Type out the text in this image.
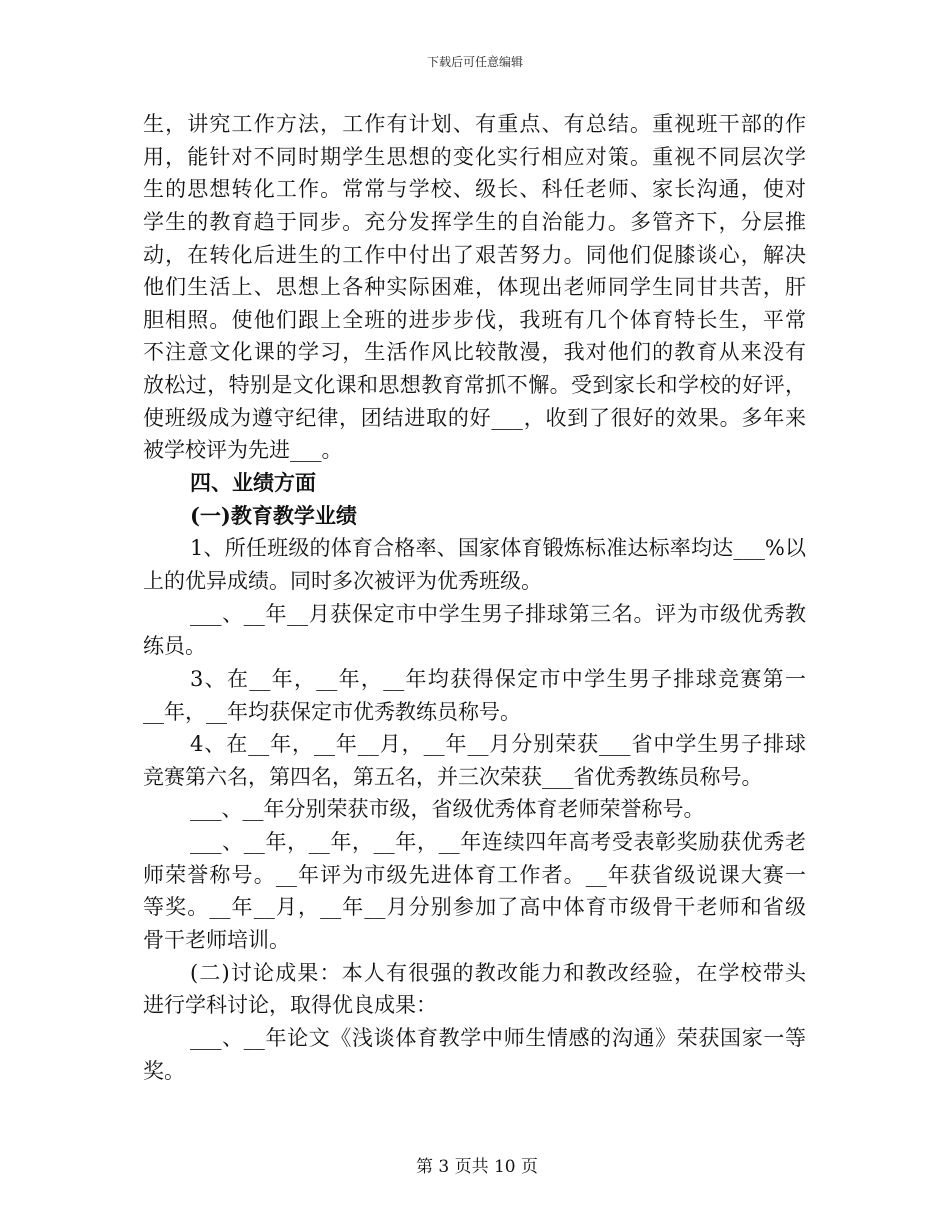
下载后可任意编辑
生，讲究工作方法，工作有计划、有重点、有总结。重视班干部的作
用，能针对不同时期学生思想的变化实行相应对策。重视不同层次学
生的思想转化工作。常常与学校、级长、科任老师、家长沟通，使对
学生的教育趋于同步。充分发挥学生的自治能力。多管齐下，分层推
动，在转化后进生的工作中付出了艰苦努力。同他们促膝谈心，解决
他们生活上、思想上各种实际困难，体现出老师同学生同甘共苦，肝
胆相照。使他们跟上全班的进步步伐，我班有几个体育特长生，平常
不注意文化课的学习，生活作风比较散漫，我对他们的教育从来没有
放松过，特别是文化课和思想教育常抓不懈。受到家长和学校的好评，
使班级成为遵守纪律，团结进取的好___，收到了很好的效果。多年来
被学校评为先进___。
四、业绩方面
(一)教育教学业绩
1、所任班级的体育合格率、国家体育锻炼标准达标率均达___%以
上的优异成绩。同时多次被评为优秀班级。
___、__年__月获保定市中学生男子排球第三名。评为市级优秀教
练员。
3、在__年，__年，__年均获得保定市中学生男子排球竞赛第一
__年，__年均获保定市优秀教练员称号。
4、在__年，__年__月，__年__月分别荣获___省中学生男子排球
竞赛第六名，第四名，第五名，并三次荣获___省优秀教练员称号。
___、__年分别荣获市级，省级优秀体育老师荣誉称号。
___、__年，__年，__年，__年连续四年高考受表彰奖励获优秀老
师荣誉称号。__年评为市级先进体育工作者。__年获省级说课大赛一
等奖。__年__月，__年__月分别参加了高中体育市级骨干老师和省级
骨干老师培训。
(二)讨论成果：本人有很强的教改能力和教改经验，在学校带头
进行学科讨论，取得优良成果：
___、__年论文《浅谈体育教学中师生情感的沟通》荣获国家一等
奖。
第 3 页共 10 页
